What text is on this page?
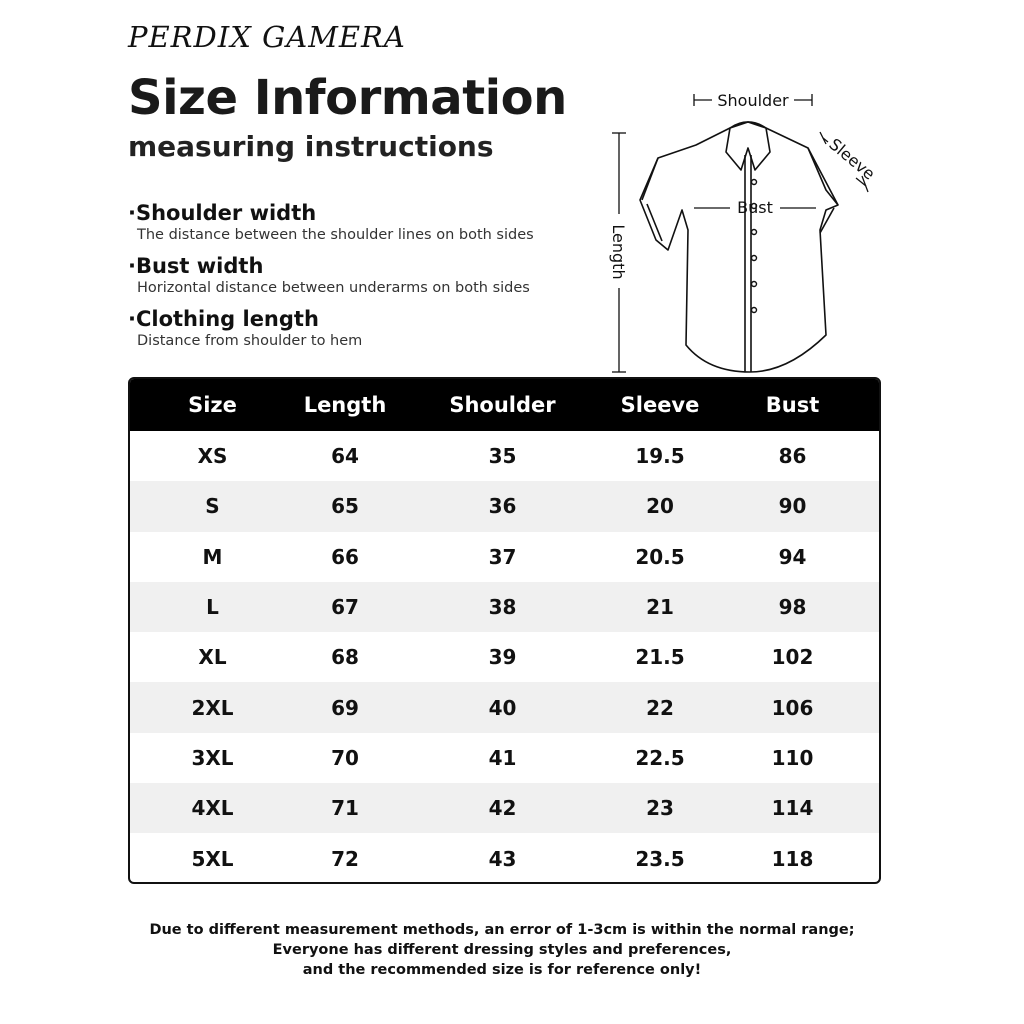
PERDIX GAMERA
Size Information
measuring instructions
·Shoulder width
The distance between the shoulder lines on both sides
·Bust width
Horizontal distance between underarms on both sides
·Clothing length
Distance from shoulder to hem
Shoulder
Sleeve
Bust
Length
Size	Length	Shoulder	Sleeve	Bust
XS	64	35	19.5	86
S	65	36	20	90
M	66	37	20.5	94
L	67	38	21	98
XL	68	39	21.5	102
2XL	69	40	22	106
3XL	70	41	22.5	110
4XL	71	42	23	114
5XL	72	43	23.5	118
Due to different measurement methods, an error of 1-3cm is within the normal range;
Everyone has different dressing styles and preferences,
and the recommended size is for reference only!
